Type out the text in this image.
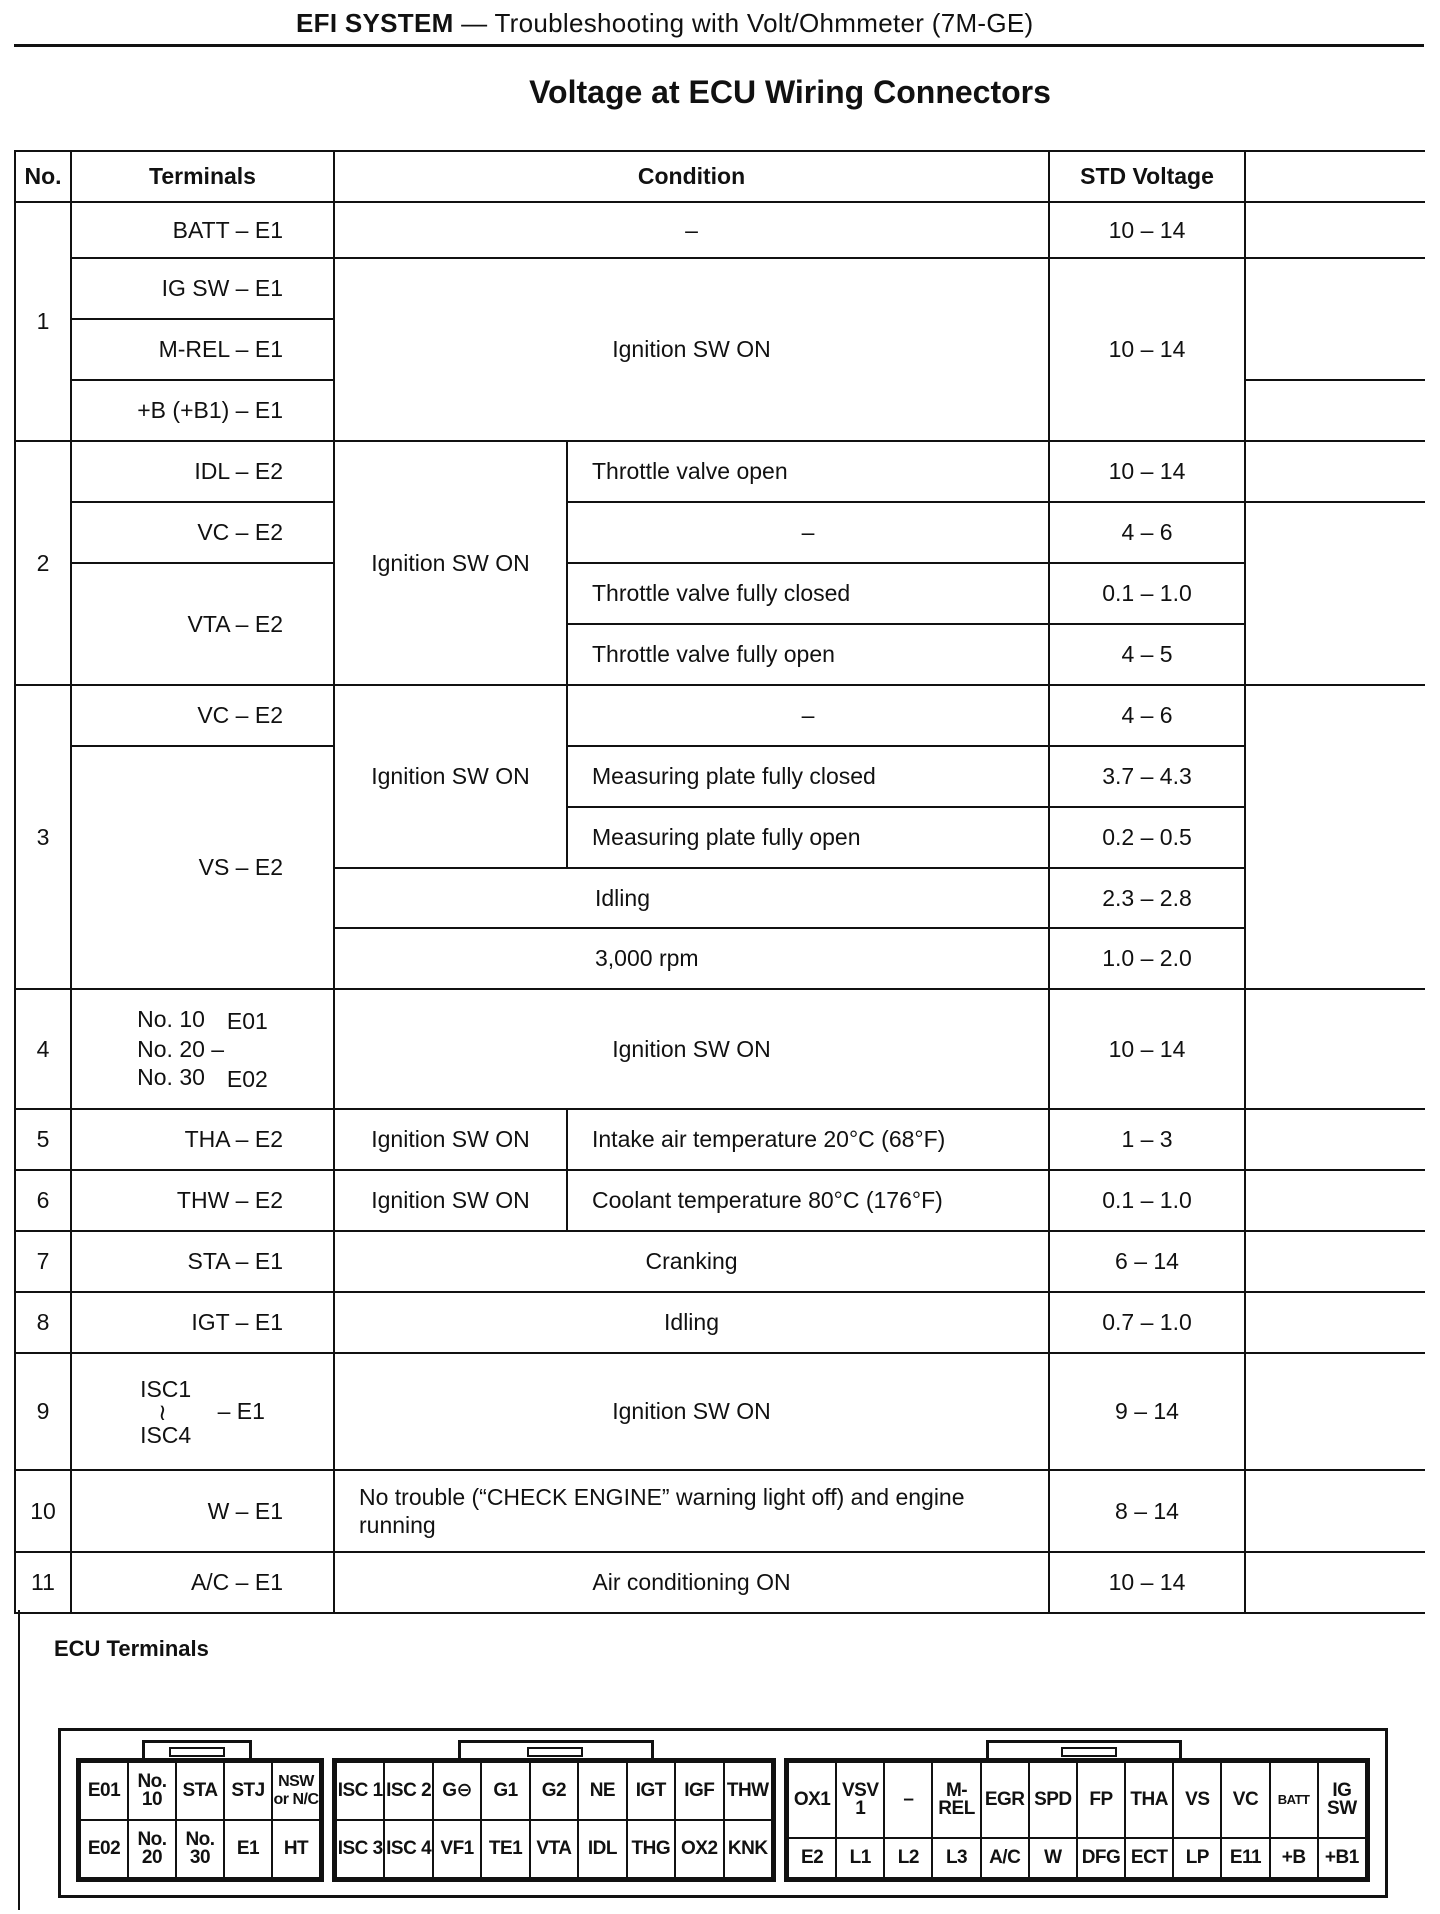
EFI SYSTEM — Troubleshooting with Volt/Ohmmeter (7M-GE)
Voltage at ECU Wiring Connectors
No.	Terminals	Condition		STD Voltage	
1	BATT – E1	–		10 – 14	
	IG SW – E1	Ignition SW ON		10 – 14	
	M-REL – E1				
	+B (+B1) – E1				
2	IDL – E2	Ignition SW ON	Throttle valve open	10 – 14	
	VC – E2		–	4 – 6	
	VTA – E2		Throttle valve fully closed	0.1 – 1.0	
			Throttle valve fully open	4 – 5	
3	VC – E2	Ignition SW ON	–	4 – 6	
	VS – E2		Measuring plate fully closed	3.7 – 4.3	
			Measuring plate fully open	0.2 – 0.5	
		Idling		2.3 – 2.8	
		3,000 rpm		1.0 – 2.0	
4	No. 10 E01
No. 20 –
No. 30 E02	Ignition SW ON		10 – 14	
5	THA – E2	Ignition SW ON	Intake air temperature 20°C (68°F)	1 – 3	
6	THW – E2	Ignition SW ON	Coolant temperature 80°C (176°F)	0.1 – 1.0	
7	STA – E1	Cranking		6 – 14	
8	IGT – E1	Idling		0.7 – 1.0	
9	ISC1
≀
ISC4
– E1	Ignition SW ON		9 – 14	
10	W – E1	No trouble (“CHECK ENGINE” warning light off) and engine running		8 – 14	
11	A/C – E1	Air conditioning ON		10 – 14	
ECU Terminals
E01	No. 10	STA	STJ	NSW or N/C
E02	No. 20	No. 30	E1	HT
ISC 1	ISC 2	G⊖	G1	G2	NE	IGT	IGF	THW
ISC 3	ISC 4	VF1	TE1	VTA	IDL	THG	OX2	KNK
OX1	VSV 1	–	M-REL	EGR	SPD	FP	THA	VS	VC	BATT	IG SW
E2	L1	L2	L3	A/C	W	DFG	ECT	LP	E11	+B	+B1
